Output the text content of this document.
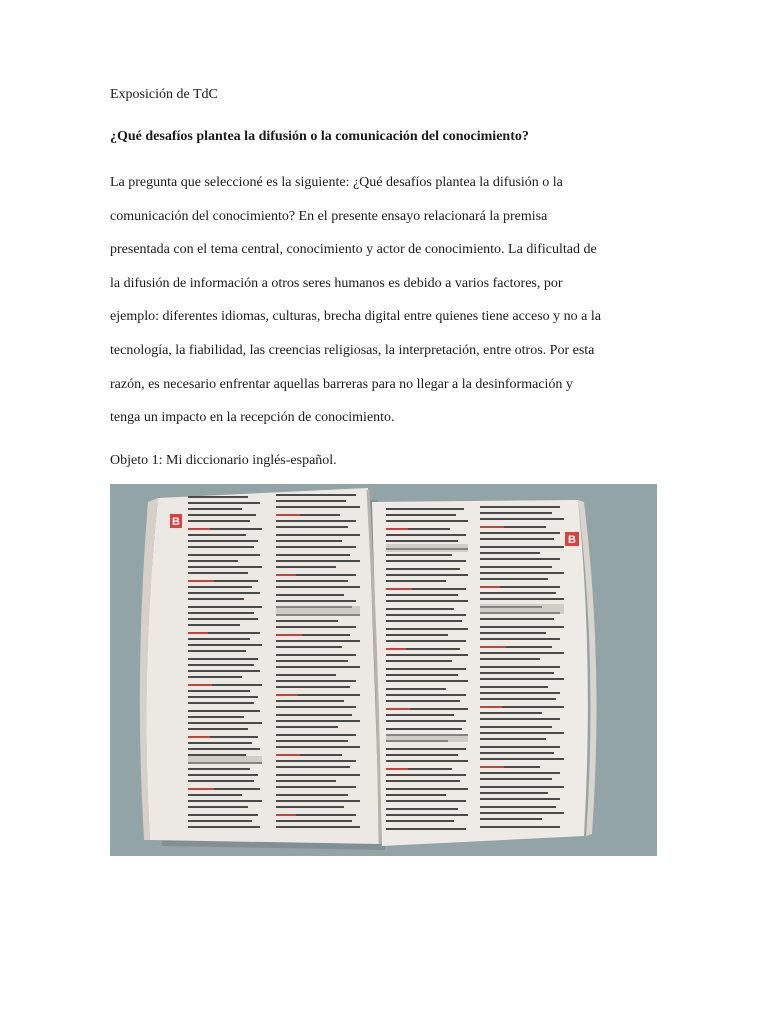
Exposición de TdC
¿Qué desafíos plantea la difusión o la comunicación del conocimiento?
La pregunta que seleccioné es la siguiente: ¿Qué desafíos plantea la difusión o la
comunicación del conocimiento? En el presente ensayo relacionará la premisa
presentada con el tema central, conocimiento y actor de conocimiento. La dificultad de
la difusión de información a otros seres humanos es debido a varios factores, por
ejemplo: diferentes idiomas, culturas, brecha digital entre quienes tiene acceso y no a la
tecnología, la fiabilidad, las creencias religiosas, la interpretación, entre otros. Por esta
razón, es necesario enfrentar aquellas barreras para no llegar a la desinformación y
tenga un impacto en la recepción de conocimiento.
Objeto 1: Mi diccionario inglés-español.
B
B
